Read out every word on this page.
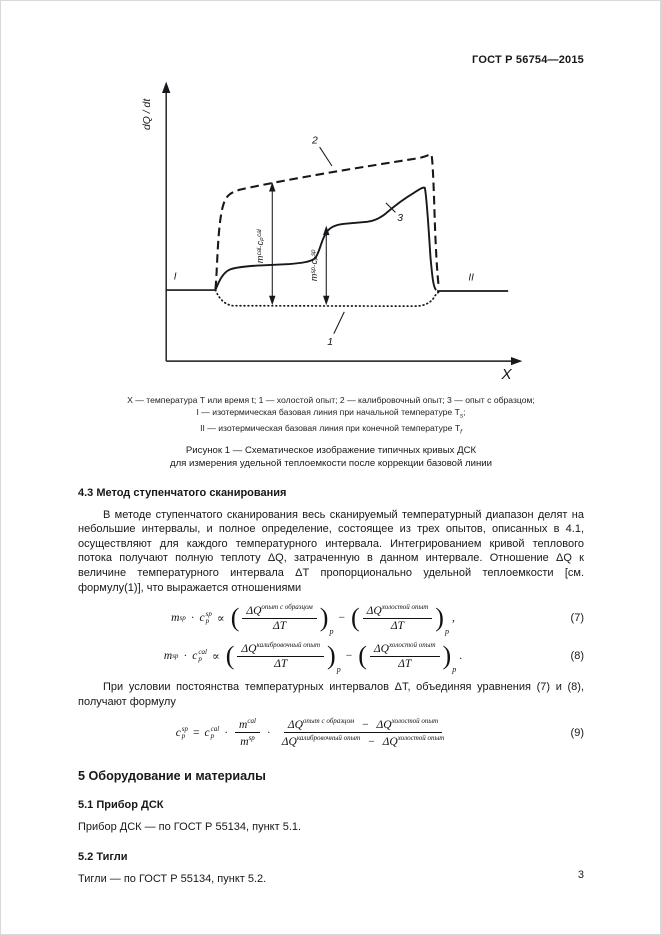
ГОСТ Р 56754—2015
dQ / dt
X
I	II
mᶜᵃˡ·cₚᶜᵃˡ
mˢᵖ·cₚˢᵖ
2
3
1
X — температура Т или время t; 1 — холостой опыт; 2 — калибровочный опыт; 3 — опыт с образцом;
I — изотермическая базовая линия при начальной температуре $Т_s$;
II — изотермическая базовая линия при конечной температуре $Т_f$
Рисунок 1 — Схематическое изображение типичных кривых ДСК
для измерения удельной теплоемкости после коррекции базовой линии
4.3 Метод ступенчатого сканирования

В методе ступенчатого сканирования весь сканируемый температурный диапазон делят на небольшие интервалы, и полное определение, состоящее из трех опытов, описанных в 4.1, осуществляют для каждого температурного интервала. Интегрированием кривой теплового потока получают полную теплоту ΔQ, затраченную в данном интервале. Отношение ΔQ к величине температурного интервала ΔТ пропорционально удельной теплоемкости [см. формулу(1)], что выражается отношениями

m sp · c sp
p ∝ ( $\frac{\Delta Q^{опыт с образцом}}{\Delta T}$ ) р
− ( $\frac{\Delta Q^{холостой опыт}}{\Delta T}$ ) р
,	(7)
m sp · c cal
p ∝ ( $\frac{\Delta Q^{калибровочный опыт}}{\Delta T}$ ) р
− ( $\frac{\Delta Q^{холостой опыт}}{\Delta T}$ ) р
.	(8)

При условии постоянства температурных интервалов ΔТ, объединяя уравнения (7) и (8), получают формулу

c sp
p = c cal
$p \cdot \frac{m^{cal}}{m^{sp}} \cdot \frac{\Delta Q^{опыт с образцом} - \Delta Q^{холостой опыт}}{\Delta Q^{калибровочный опыт} - \Delta Q^{холостой опыт}}$	(9)
5 Оборудование и материалы
5.1 Прибор ДСК

Прибор ДСК — по ГОСТ Р 55134, пункт 5.1.

5.2 Тигли

Тигли — по ГОСТ Р 55134, пункт 5.2.	3
